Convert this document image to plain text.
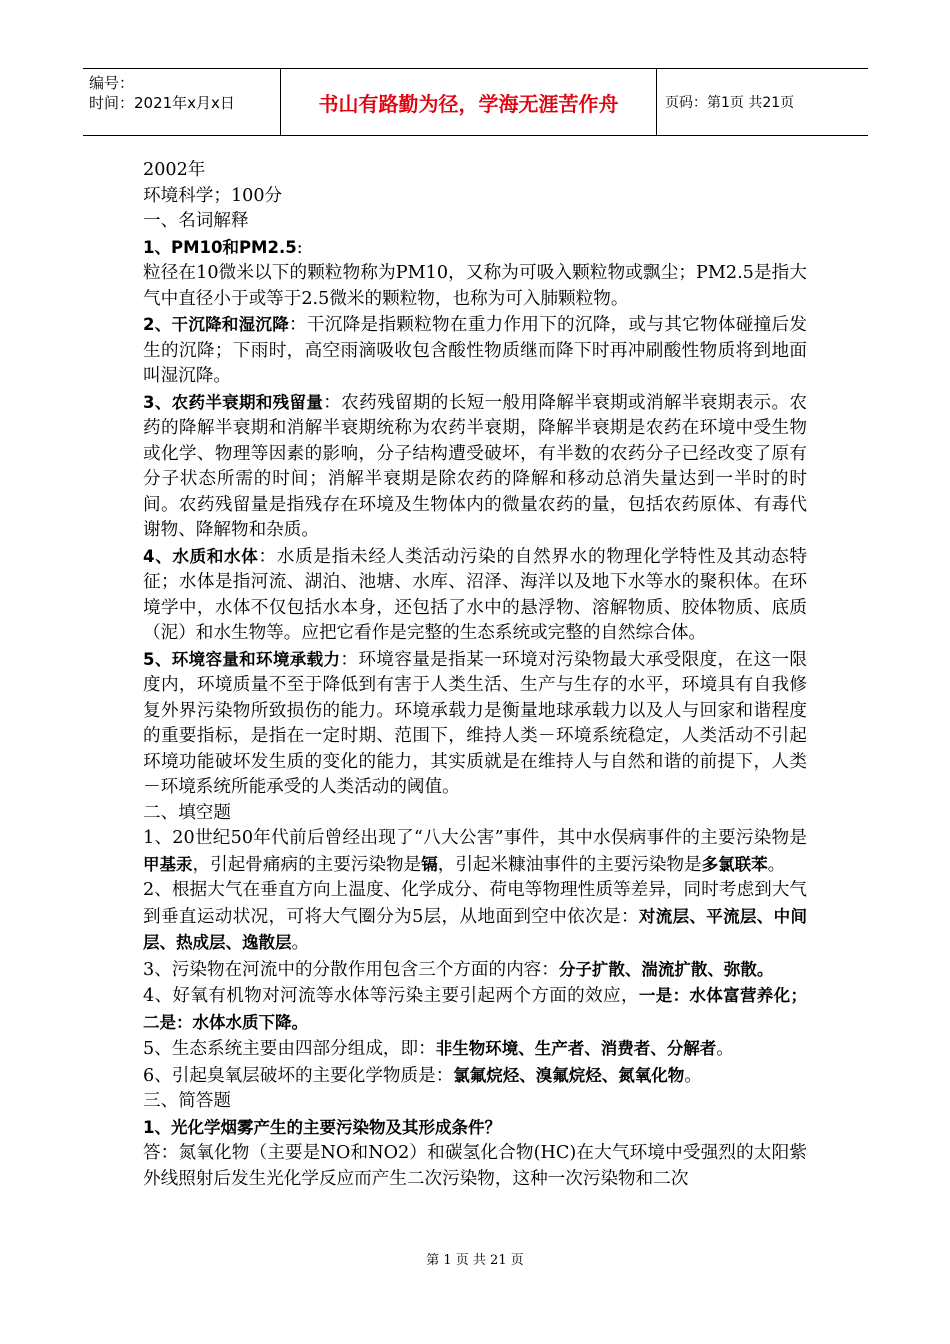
编号：
时间：2021年x月x日	书山有路勤为径，学海无涯苦作舟	页码：第1页 共21页

2002年

环境科学；100分

一、名词解释

1、PM10和PM2.5:

粒径在10微米以下的颗粒物称为PM10，又称为可吸入颗粒物或飘尘；PM2.5是指大气中直径小于或等于2.5微米的颗粒物，也称为可入肺颗粒物。

2、干沉降和湿沉降：干沉降是指颗粒物在重力作用下的沉降，或与其它物体碰撞后发生的沉降；下雨时，高空雨滴吸收包含酸性物质继而降下时再冲刷酸性物质将到地面叫湿沉降。

3、农药半衰期和残留量：农药残留期的长短一般用降解半衰期或消解半衰期表示。农药的降解半衰期和消解半衰期统称为农药半衰期，降解半衰期是农药在环境中受生物或化学、物理等因素的影响，分子结构遭受破坏，有半数的农药分子已经改变了原有分子状态所需的时间；消解半衰期是除农药的降解和移动总消失量达到一半时的时间。农药残留量是指残存在环境及生物体内的微量农药的量，包括农药原体、有毒代谢物、降解物和杂质。

4、水质和水体：水质是指未经人类活动污染的自然界水的物理化学特性及其动态特征；水体是指河流、湖泊、池塘、水库、沼泽、海洋以及地下水等水的聚积体。在环境学中，水体不仅包括水本身，还包括了水中的悬浮物、溶解物质、胶体物质、底质（泥）和水生物等。应把它看作是完整的生态系统或完整的自然综合体。

5、环境容量和环境承载力：环境容量是指某一环境对污染物最大承受限度，在这一限度内，环境质量不至于降低到有害于人类生活、生产与生存的水平，环境具有自我修复外界污染物所致损伤的能力。环境承载力是衡量地球承载力以及人与回家和谐程度的重要指标，是指在一定时期、范围下，维持人类－环境系统稳定，人类活动不引起环境功能破坏发生质的变化的能力，其实质就是在维持人与自然和谐的前提下，人类－环境系统所能承受的人类活动的阈值。

二、填空题

1、20世纪50年代前后曾经出现了“八大公害”事件，其中水俣病事件的主要污染物是甲基汞，引起骨痛病的主要污染物是镉，引起米糠油事件的主要污染物是多氯联苯。

2、根据大气在垂直方向上温度、化学成分、荷电等物理性质等差异，同时考虑到大气到垂直运动状况，可将大气圈分为5层，从地面到空中依次是：对流层、平流层、中间层、热成层、逸散层。

3、污染物在河流中的分散作用包含三个方面的内容：分子扩散、湍流扩散、弥散。

4、好氧有机物对河流等水体等污染主要引起两个方面的效应，一是：水体富营养化；二是：水体水质下降。

5、生态系统主要由四部分组成，即：非生物环境、生产者、消费者、分解者。

6、引起臭氧层破坏的主要化学物质是：氯氟烷烃、溴氟烷烃、氮氧化物。

三、简答题

1、光化学烟雾产生的主要污染物及其形成条件？

答：氮氧化物（主要是NO和NO2）和碳氢化合物(HC)在大气环境中受强烈的太阳紫外线照射后发生光化学反应而产生二次污染物，这种一次污染物和二次

第 1 页 共 21 页
